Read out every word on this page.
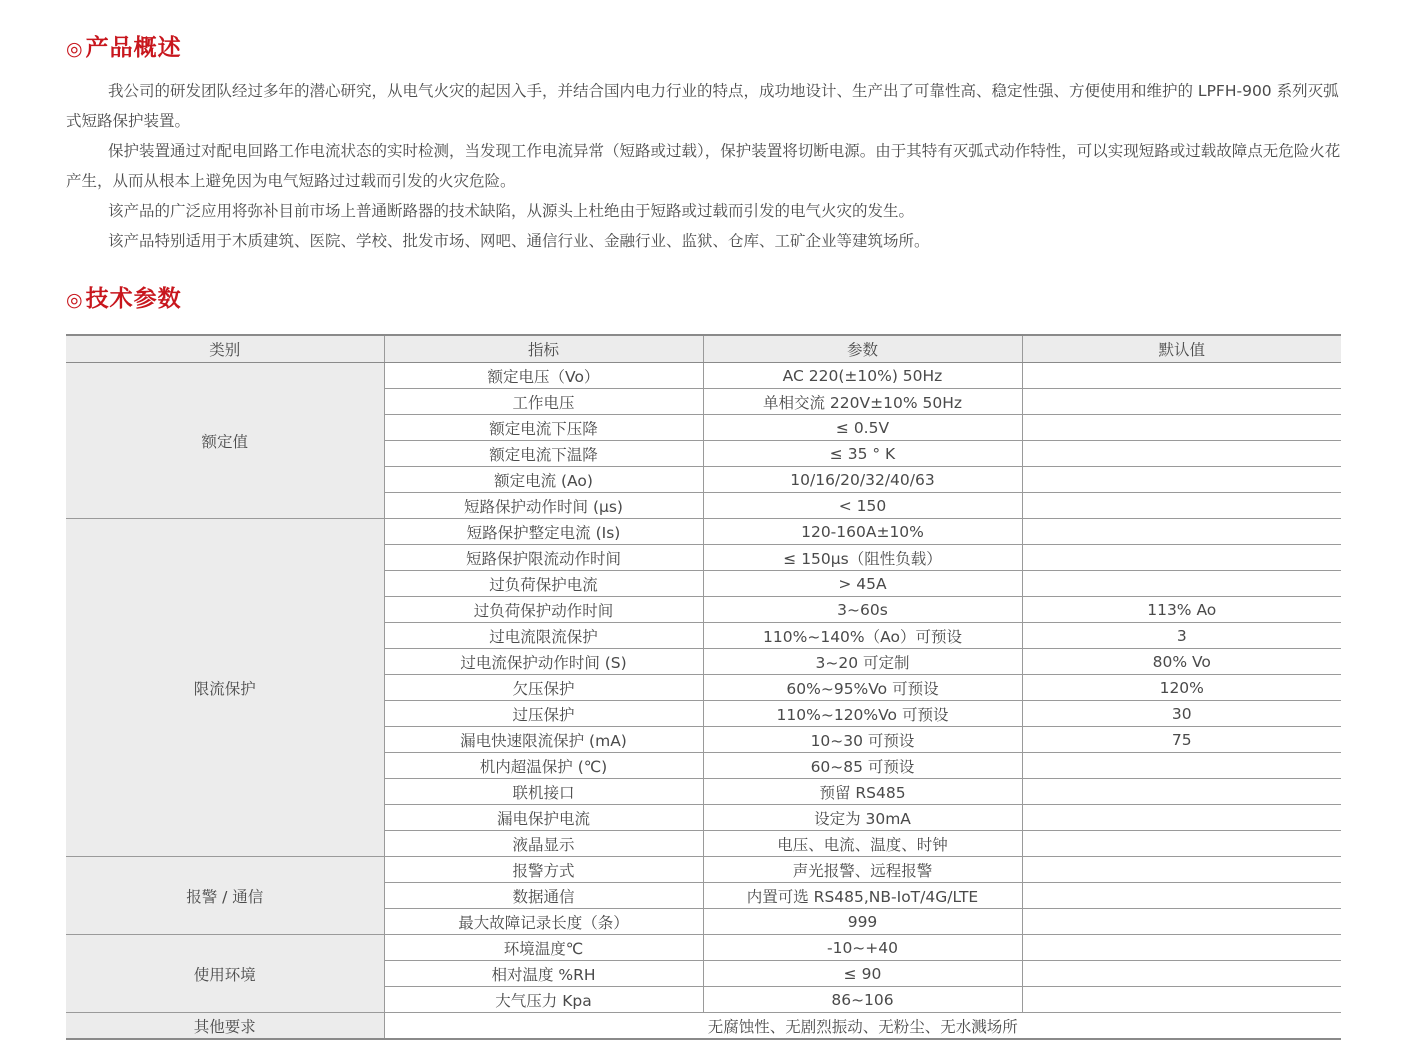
◎产品概述

我公司的研发团队经过多年的潜心研究，从电气火灾的起因入手，并结合国内电力行业的特点，成功地设计、生产出了可靠性高、稳定性强、方便使用和维护的 LPFH-900 系列灭弧式短路保护装置。

保护装置通过对配电回路工作电流状态的实时检测，当发现工作电流异常（短路或过载），保护装置将切断电源。由于其特有灭弧式动作特性，可以实现短路或过载故障点无危险火花产生，从而从根本上避免因为电气短路过过载而引发的火灾危险。

该产品的广泛应用将弥补目前市场上普通断路器的技术缺陷，从源头上杜绝由于短路或过载而引发的电气火灾的发生。

该产品特别适用于木质建筑、医院、学校、批发市场、网吧、通信行业、金融行业、监狱、仓库、工矿企业等建筑场所。

◎技术参数
类别	指标	参数	默认值
额定值	额定电压（Vo）	AC 220(±10%) 50Hz	
	工作电压	单相交流 220V±10% 50Hz	
	额定电流下压降	≤ 0.5V	
	额定电流下温降	≤ 35 ° K	
	额定电流 (Ao)	10/16/20/32/40/63	
	短路保护动作时间 (µs)	< 150	
限流保护	短路保护整定电流 (Is)	120-160A±10%	
	短路保护限流动作时间	≤ 150µs（阻性负载）	
	过负荷保护电流	> 45A	
	过负荷保护动作时间	3~60s	113% Ao
	过电流限流保护	110%~140%（Ao）可预设	3
	过电流保护动作时间 (S)	3~20 可定制	80% Vo
	欠压保护	60%~95%Vo 可预设	120%
	过压保护	110%~120%Vo 可预设	30
	漏电快速限流保护 (mA)	10~30 可预设	75
	机内超温保护 (℃)	60~85 可预设	
	联机接口	预留 RS485	
	漏电保护电流	设定为 30mA	
	液晶显示	电压、电流、温度、时钟	
报警 / 通信	报警方式	声光报警、远程报警	
	数据通信	内置可选 RS485,NB-IoT/4G/LTE	
	最大故障记录长度（条）	999	
使用环境	环境温度℃	-10~+40	
	相对温度 %RH	≤ 90	
	大气压力 Kpa	86~106	
其他要求	无腐蚀性、无剧烈振动、无粉尘、无水溅场所		
